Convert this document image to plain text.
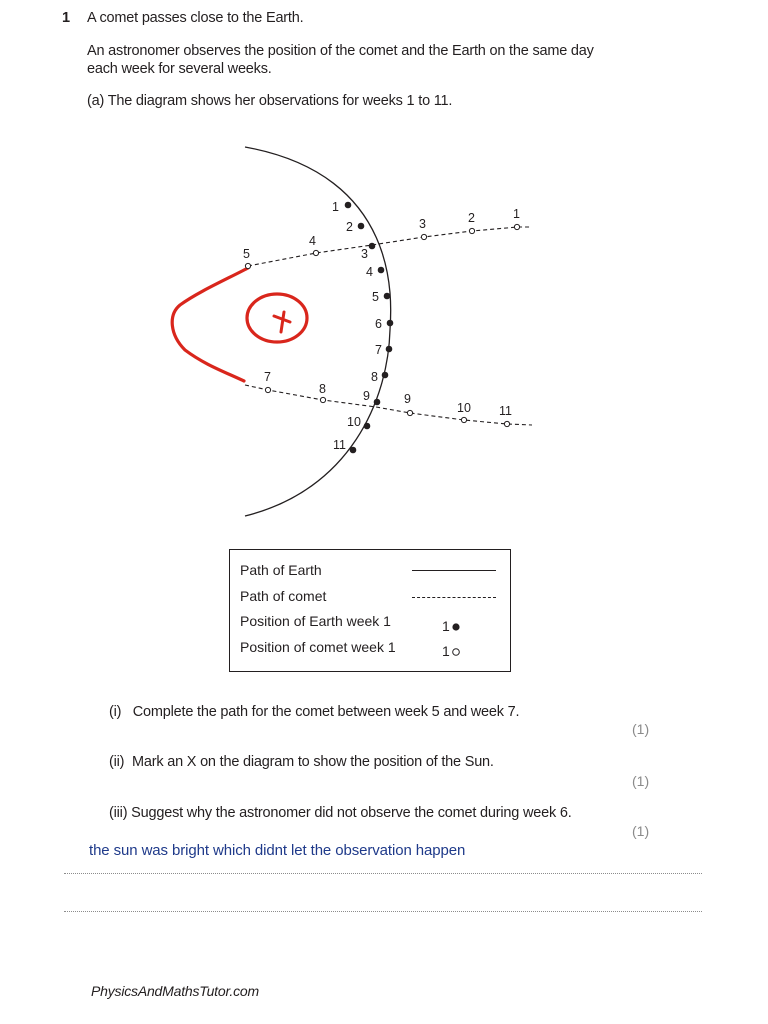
1 A comet passes close to the Earth.
An astronomer observes the position of the comet and the Earth on the same day
each week for several weeks.
(a) The diagram shows her observations for weeks 1 to 11.
1
2
3
4
5
6
7
8
9
10
11
1
2
3
4
5
7
8
9
10 11
Path of Earth
Path of comet
Position of Earth week 1
Position of comet week 1
1
1
(i)   Complete the path for the comet between week 5 and week 7.
(1)
(ii)  Mark an X on the diagram to show the position of the Sun.
(1)
(iii) Suggest why the astronomer did not observe the comet during week 6.
(1)
the sun was bright which didnt let the observation happen
PhysicsAndMathsTutor.com
